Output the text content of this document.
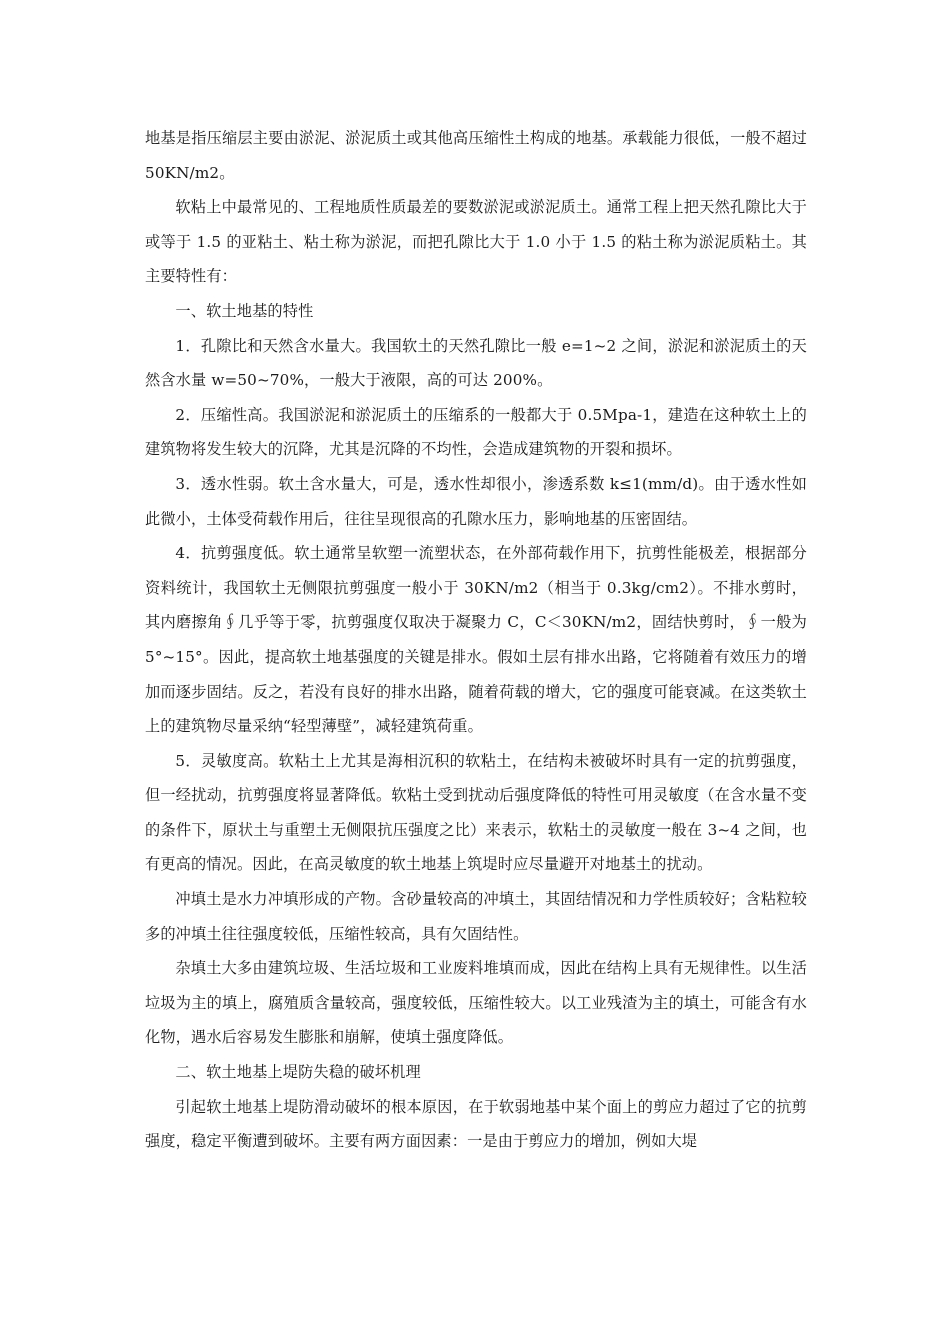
地基是指压缩层主要由淤泥、淤泥质土或其他高压缩性土构成的地基。承载能力很低，一般不超过 50KN/m2。

软粘上中最常见的、工程地质性质最差的要数淤泥或淤泥质土。通常工程上把天然孔隙比大于或等于 1.5 的亚粘土、粘土称为淤泥，而把孔隙比大于 1.0 小于 1.5 的粘土称为淤泥质粘土。其主要特性有：

一、软土地基的特性

1．孔隙比和天然含水量大。我国软土的天然孔隙比一般 e=1~2 之间，淤泥和淤泥质土的天然含水量 w=50~70%，一般大于液限，高的可达 200%。

2．压缩性高。我国淤泥和淤泥质土的压缩系的一般都大于 0.5Mpa-1，建造在这种软土上的建筑物将发生较大的沉降，尤其是沉降的不均性，会造成建筑物的开裂和损坏。

3．透水性弱。软土含水量大，可是，透水性却很小，渗透系数 k≤1(mm/d)。由于透水性如此微小，土体受荷载作用后，往往呈现很高的孔隙水压力，影响地基的压密固结。

4．抗剪强度低。软土通常呈软塑一流塑状态，在外部荷载作用下，抗剪性能极差，根据部分资料统计，我国软土无侧限抗剪强度一般小于 30KN/m2（相当于 0.3kg/cm2）。不排水剪时，其内磨擦角∮几乎等于零，抗剪强度仅取决于凝聚力 C，C＜30KN/m2，固结快剪时，∮一般为 5°~15°。因此，提高软土地基强度的关键是排水。假如土层有排水出路，它将随着有效压力的增加而逐步固结。反之，若没有良好的排水出路，随着荷载的增大，它的强度可能衰减。在这类软土上的建筑物尽量采纳“轻型薄壁”，减轻建筑荷重。

5．灵敏度高。软粘土上尤其是海相沉积的软粘土，在结构未被破坏时具有一定的抗剪强度，但一经扰动，抗剪强度将显著降低。软粘土受到扰动后强度降低的特性可用灵敏度（在含水量不变的条件下，原状土与重塑土无侧限抗压强度之比）来表示，软粘土的灵敏度一般在 3~4 之间，也有更高的情况。因此，在高灵敏度的软土地基上筑堤时应尽量避开对地基土的扰动。

冲填土是水力冲填形成的产物。含砂量较高的冲填土，其固结情况和力学性质较好；含粘粒较多的冲填土往往强度较低，压缩性较高，具有欠固结性。

杂填土大多由建筑垃圾、生活垃圾和工业废料堆填而成，因此在结构上具有无规律性。以生活垃圾为主的填上，腐殖质含量较高，强度较低，压缩性较大。以工业残渣为主的填土，可能含有水化物，遇水后容易发生膨胀和崩解，使填土强度降低。

二、软土地基上堤防失稳的破坏机理

引起软土地基上堤防滑动破坏的根本原因，在于软弱地基中某个面上的剪应力超过了它的抗剪强度，稳定平衡遭到破坏。主要有两方面因素：一是由于剪应力的增加，例如大堤
